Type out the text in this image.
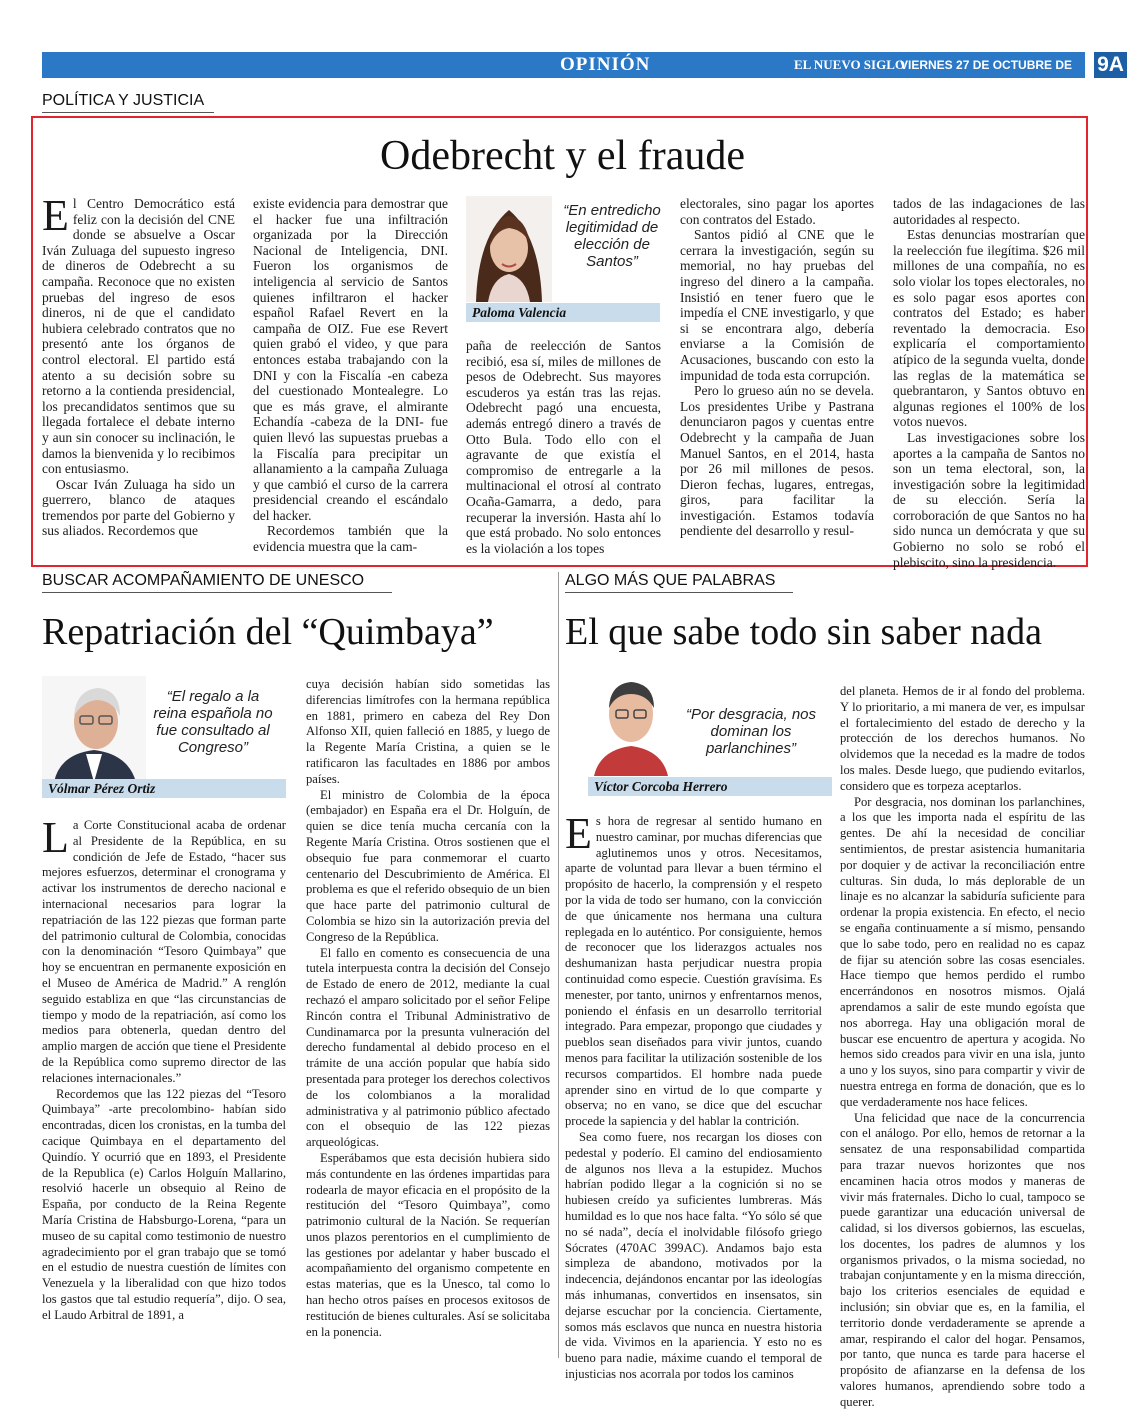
OPINIÓN	EL NUEVO SIGLO
VIERNES 27 DE OCTUBRE DE 2017
9A
POLÍTICA Y JUSTICIA
Odebrecht y el fraude
El Centro Democrático está feliz con la decisión del CNE donde se absuelve a Oscar Iván Zuluaga del supuesto ingreso de dineros de Odebrecht a su campaña. Reconoce que no existen pruebas del ingreso de esos dineros, ni de que el candidato hubiera celebrado contratos que no presentó ante los órganos de control electoral. El partido está atento a su decisión sobre su retorno a la contienda presidencial, los precandidatos sentimos que su llegada fortalece el debate interno y aun sin conocer su inclinación, le damos la bienvenida y lo recibimos con entusiasmo.
Oscar Iván Zuluaga ha sido un guerrero, blanco de ataques tremendos por parte del Gobierno y sus aliados. Recordemos que
existe evidencia para demostrar que el hacker fue una infiltración organizada por la Dirección Nacional de Inteligencia, DNI. Fueron los organismos de inteligencia al servicio de Santos quienes infiltraron el hacker español Rafael Revert en la campaña de OIZ. Fue ese Revert quien grabó el video, y que para entonces estaba trabajando con la DNI y con la Fiscalía -en cabeza del cuestionado Montealegre. Lo que es más grave, el almirante Echandía -cabeza de la DNI- fue quien llevó las supuestas pruebas a la Fiscalía para precipitar un allanamiento a la campaña Zuluaga y que cambió el curso de la carrera presidencial creando el escándalo del hacker.
Recordemos también que la evidencia muestra que la cam-
“En entredicho legitimidad de elección de Santos”
Paloma Valencia
paña de reelección de Santos recibió, esa sí, miles de millones de pesos de Odebrecht. Sus mayores escuderos ya están tras las rejas. Odebrecht pagó una encuesta, además entregó dinero a través de Otto Bula. Todo ello con el agravante de que existía el compromiso de entregarle a la multinacional el otrosí al contrato Ocaña-Gamarra, a dedo, para recuperar la inversión. Hasta ahí lo que está probado. No solo entonces es la violación a los topes
electorales, sino pagar los aportes con contratos del Estado.
Santos pidió al CNE que le cerrara la investigación, según su memorial, no hay pruebas del ingreso del dinero a la campaña. Insistió en tener fuero que le impedía el CNE investigarlo, y que si se encontrara algo, debería enviarse a la Comisión de Acusaciones, buscando con esto la impunidad de toda esta corrupción.
Pero lo grueso aún no se devela. Los presidentes Uribe y Pastrana denunciaron pagos y cuentas entre Odebrecht y la campaña de Juan Manuel Santos, en el 2014, hasta por 26 mil millones de pesos. Dieron fechas, lugares, entregas, giros, para facilitar la investigación. Estamos todavía pendiente del desarrollo y resul-
tados de las indagaciones de las autoridades al respecto.
Estas denuncias mostrarían que la reelección fue ilegítima. $26 mil millones de una compañía, no es solo violar los topes electorales, no es solo pagar esos aportes con contratos del Estado; es haber reventado la democracia. Eso explicaría el comportamiento atípico de la segunda vuelta, donde las reglas de la matemática se quebrantaron, y Santos obtuvo en algunas regiones el 100% de los votos nuevos.
Las investigaciones sobre los aportes a la campaña de Santos no son un tema electoral, son, la investigación sobre la legitimidad de su elección. Sería la corroboración de que Santos no ha sido nunca un demócrata y que su Gobierno no solo se robó el plebiscito, sino la presidencia.
BUSCAR ACOMPAÑAMIENTO DE UNESCO
Repatriación del “Quimbaya”
“El regalo a la reina española no fue consultado al Congreso”
Vólmar Pérez Ortiz
La Corte Constitucional acaba de ordenar al Presidente de la República, en su condición de Jefe de Estado, “hacer sus mejores esfuerzos, determinar el cronograma y activar los instrumentos de derecho nacional e internacional necesarios para lograr la repatriación de las 122 piezas que forman parte del patrimonio cultural de Colombia, conocidas con la denominación “Tesoro Quimbaya” que hoy se encuentran en permanente exposición en el Museo de América de Madrid.” A renglón seguido establiza en que “las circunstancias de tiempo y modo de la repatriación, así como los medios para obtenerla, quedan dentro del amplio margen de acción que tiene el Presidente de la República como supremo director de las relaciones internacionales.”
Recordemos que las 122 piezas del “Tesoro Quimbaya” -arte precolombino- habían sido encontradas, dicen los cronistas, en la tumba del cacique Quimbaya en el departamento del Quindío. Y ocurrió que en 1893, el Presidente de la Republica (e) Carlos Holguín Mallarino, resolvió hacerle un obsequio al Reino de España, por conducto de la Reina Regente María Cristina de Habsburgo-Lorena, “para un museo de su capital como testimonio de nuestro agradecimiento por el gran trabajo que se tomó en el estudio de nuestra cuestión de límites con Venezuela y la liberalidad con que hizo todos los gastos que tal estudio requería”, dijo. O sea, el Laudo Arbitral de 1891, a
cuya decisión habían sido sometidas las diferencias limítrofes con la hermana república en 1881, primero en cabeza del Rey Don Alfonso XII, quien falleció en 1885, y luego de la Regente María Cristina, a quien se le ratificaron las facultades en 1886 por ambos países.
El ministro de Colombia de la época (embajador) en España era el Dr. Holguín, de quien se dice tenía mucha cercanía con la Regente María Cristina. Otros sostienen que el obsequio fue para conmemorar el cuarto centenario del Descubrimiento de América. El problema es que el referido obsequio de un bien que hace parte del patrimonio cultural de Colombia se hizo sin la autorización previa del Congreso de la República.
El fallo en comento es consecuencia de una tutela interpuesta contra la decisión del Consejo de Estado de enero de 2012, mediante la cual rechazó el amparo solicitado por el señor Felipe Rincón contra el Tribunal Administrativo de Cundinamarca por la presunta vulneración del derecho fundamental al debido proceso en el trámite de una acción popular que había sido presentada para proteger los derechos colectivos de los colombianos a la moralidad administrativa y al patrimonio público afectado con el obsequio de las 122 piezas arqueológicas.
Esperábamos que esta decisión hubiera sido más contundente en las órdenes impartidas para rodearla de mayor eficacia en el propósito de la restitución del “Tesoro Quimbaya”, como patrimonio cultural de la Nación. Se requerían unos plazos perentorios en el cumplimiento de las gestiones por adelantar y haber buscado el acompañamiento del organismo competente en estas materias, que es la Unesco, tal como lo han hecho otros países en procesos exitosos de restitución de bienes culturales. Así se solicitaba en la ponencia.
ALGO MÁS QUE PALABRAS
El que sabe todo sin saber nada
“Por desgracia, nos dominan los parlanchines”
Víctor Corcoba Herrero
Es hora de regresar al sentido humano en nuestro caminar, por muchas diferencias que aglutinemos unos y otros. Necesitamos, aparte de voluntad para llevar a buen término el propósito de hacerlo, la comprensión y el respeto por la vida de todo ser humano, con la convicción de que únicamente nos hermana una cultura replegada en lo auténtico. Por consiguiente, hemos de reconocer que los liderazgos actuales nos deshumanizan hasta perjudicar nuestra propia continuidad como especie. Cuestión gravísima. Es menester, por tanto, unirnos y enfrentarnos menos, poniendo el énfasis en un desarrollo territorial integrado. Para empezar, propongo que ciudades y pueblos sean diseñados para vivir juntos, cuando menos para facilitar la utilización sostenible de los recursos compartidos. El hombre nada puede aprender sino en virtud de lo que comparte y observa; no en vano, se dice que del escuchar procede la sapiencia y del hablar la contrición.
Sea como fuere, nos recargan los dioses con pedestal y poderío. El camino del endiosamiento de algunos nos lleva a la estupidez. Muchos habrían podido llegar a la cognición si no se hubiesen creído ya suficientes lumbreras. Más humildad es lo que nos hace falta. “Yo sólo sé que no sé nada”, decía el inolvidable filósofo griego Sócrates (470AC 399AC). Andamos bajo esta simpleza de abandono, motivados por la indecencia, dejándonos encantar por las ideologías más inhumanas, convertidos en insensatos, sin dejarse escuchar por la conciencia. Ciertamente, somos más esclavos que nunca en nuestra historia de vida. Vivimos en la apariencia. Y esto no es bueno para nadie, máxime cuando el temporal de injusticias nos acorrala por todos los caminos
del planeta. Hemos de ir al fondo del problema. Y lo prioritario, a mi manera de ver, es impulsar el fortalecimiento del estado de derecho y la protección de los derechos humanos. No olvidemos que la necedad es la madre de todos los males. Desde luego, que pudiendo evitarlos, considero que es torpeza aceptarlos.
Por desgracia, nos dominan los parlanchines, a los que les importa nada el espíritu de las gentes. De ahí la necesidad de conciliar sentimientos, de prestar asistencia humanitaria por doquier y de activar la reconciliación entre culturas. Sin duda, lo más deplorable de un linaje es no alcanzar la sabiduría suficiente para ordenar la propia existencia. En efecto, el necio se engaña continuamente a sí mismo, pensando que lo sabe todo, pero en realidad no es capaz de fijar su atención sobre las cosas esenciales. Hace tiempo que hemos perdido el rumbo encerrándonos en nosotros mismos. Ojalá aprendamos a salir de este mundo egoísta que nos aborrega. Hay una obligación moral de buscar ese encuentro de apertura y acogida. No hemos sido creados para vivir en una isla, junto a uno y los suyos, sino para compartir y vivir de nuestra entrega en forma de donación, que es lo que verdaderamente nos hace felices.
Una felicidad que nace de la concurrencia con el análogo. Por ello, hemos de retornar a la sensatez de una responsabilidad compartida para trazar nuevos horizontes que nos encaminen hacia otros modos y maneras de vivir más fraternales. Dicho lo cual, tampoco se puede garantizar una educación universal de calidad, si los diversos gobiernos, las escuelas, los docentes, los padres de alumnos y los organismos privados, o la misma sociedad, no trabajan conjuntamente y en la misma dirección, bajo los criterios esenciales de equidad e inclusión; sin obviar que es, en la familia, el territorio donde verdaderamente se aprende a amar, respirando el calor del hogar. Pensamos, por tanto, que nunca es tarde para hacerse el propósito de afianzarse en la defensa de los valores humanos, aprendiendo sobre todo a querer.
